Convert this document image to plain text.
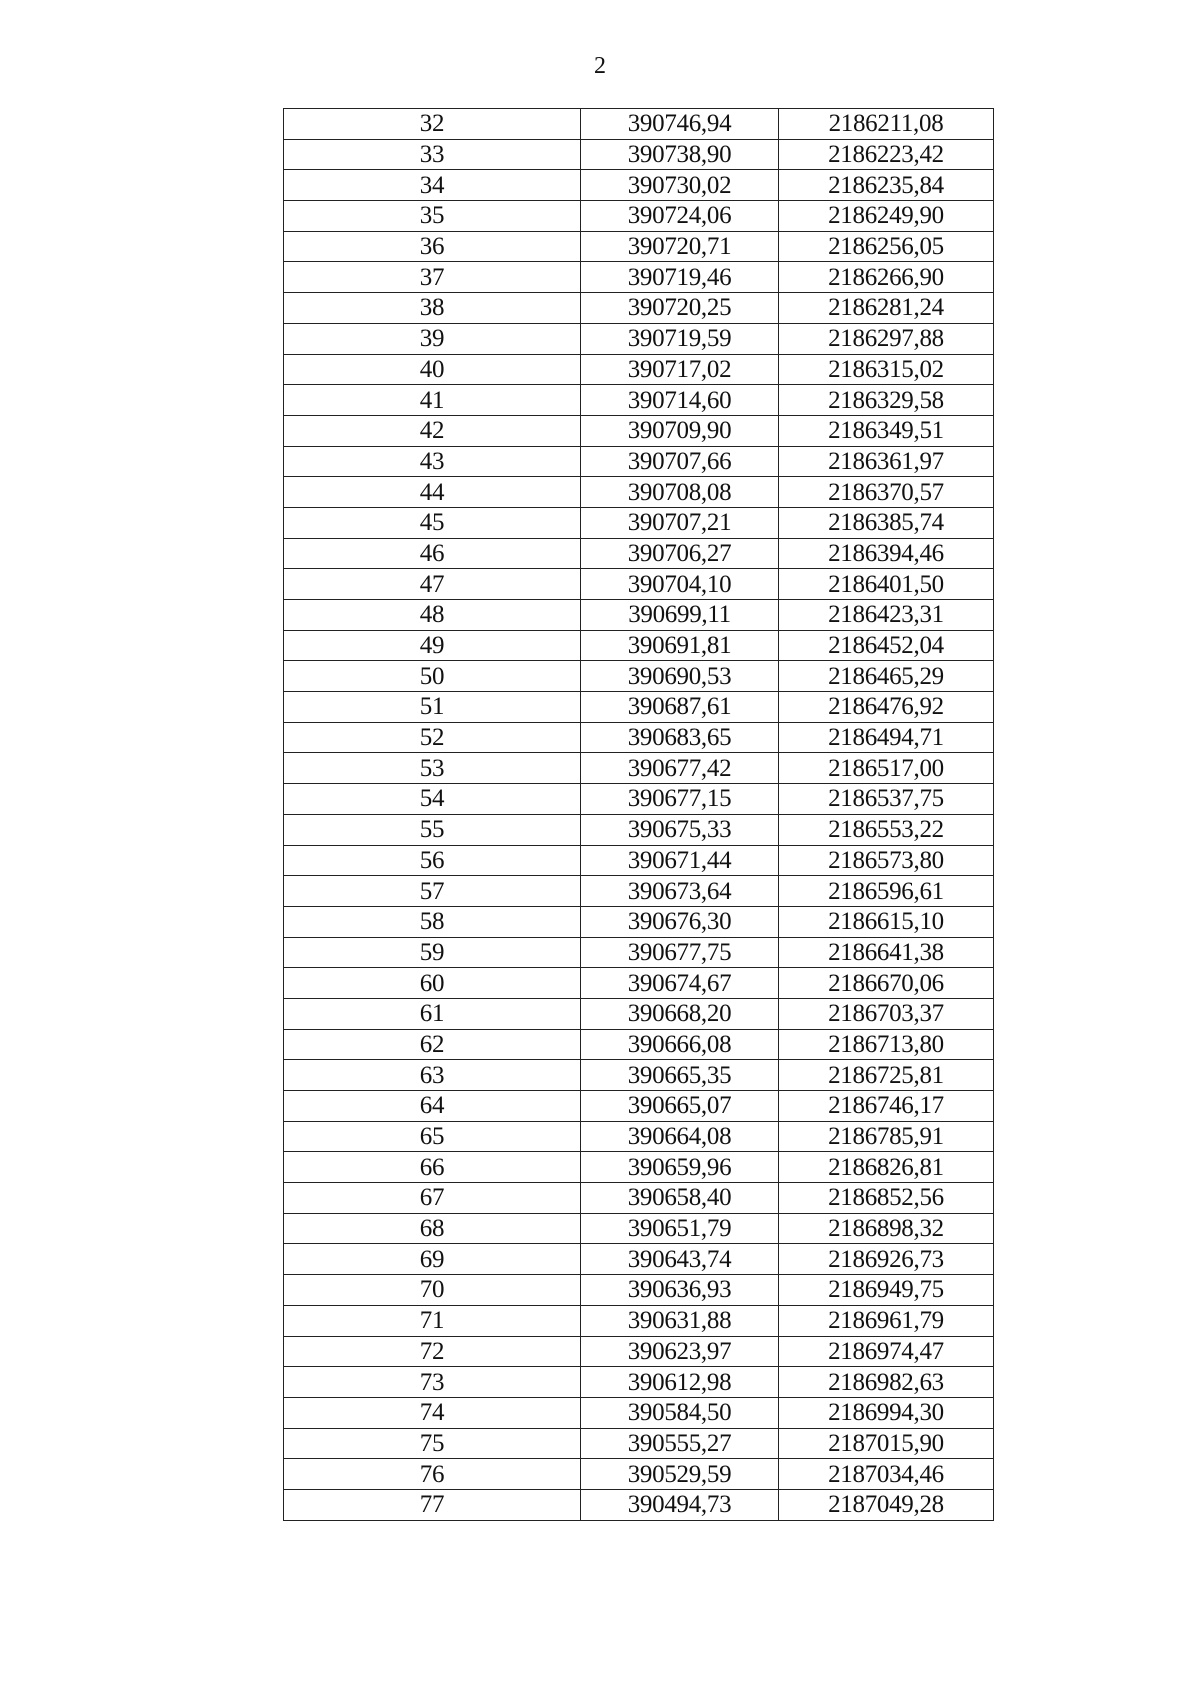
2
32	390746,94	2186211,08
33	390738,90	2186223,42
34	390730,02	2186235,84
35	390724,06	2186249,90
36	390720,71	2186256,05
37	390719,46	2186266,90
38	390720,25	2186281,24
39	390719,59	2186297,88
40	390717,02	2186315,02
41	390714,60	2186329,58
42	390709,90	2186349,51
43	390707,66	2186361,97
44	390708,08	2186370,57
45	390707,21	2186385,74
46	390706,27	2186394,46
47	390704,10	2186401,50
48	390699,11	2186423,31
49	390691,81	2186452,04
50	390690,53	2186465,29
51	390687,61	2186476,92
52	390683,65	2186494,71
53	390677,42	2186517,00
54	390677,15	2186537,75
55	390675,33	2186553,22
56	390671,44	2186573,80
57	390673,64	2186596,61
58	390676,30	2186615,10
59	390677,75	2186641,38
60	390674,67	2186670,06
61	390668,20	2186703,37
62	390666,08	2186713,80
63	390665,35	2186725,81
64	390665,07	2186746,17
65	390664,08	2186785,91
66	390659,96	2186826,81
67	390658,40	2186852,56
68	390651,79	2186898,32
69	390643,74	2186926,73
70	390636,93	2186949,75
71	390631,88	2186961,79
72	390623,97	2186974,47
73	390612,98	2186982,63
74	390584,50	2186994,30
75	390555,27	2187015,90
76	390529,59	2187034,46
77	390494,73	2187049,28
